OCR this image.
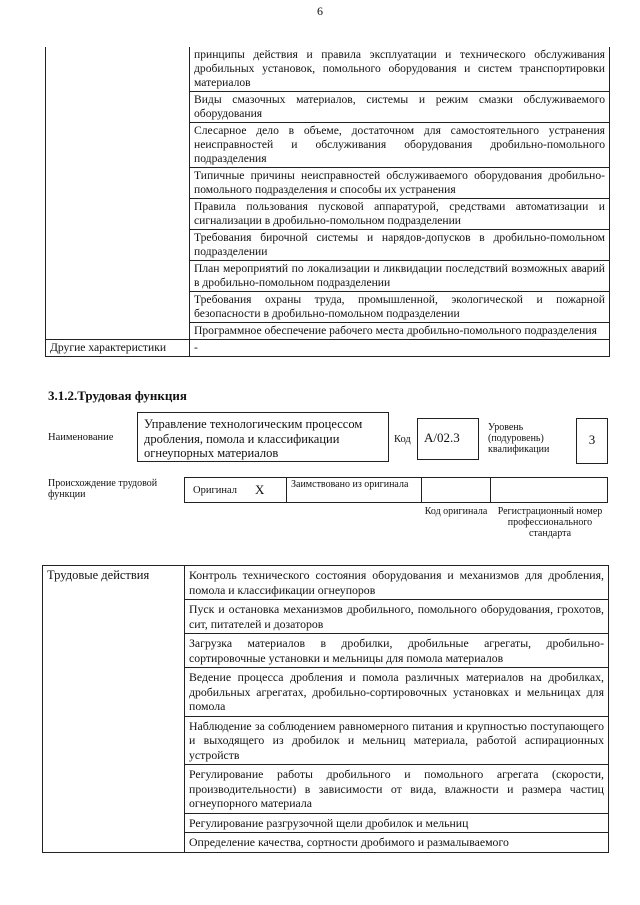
6
	принципы действия и правила эксплуатации и технического обслуживания дробильных установок, помольного оборудования и систем транспортировки материалов
	Виды смазочных материалов, системы и режим смазки обслуживаемого оборудования
	Слесарное дело в объеме, достаточном для самостоятельного устранения неисправностей и обслуживания оборудования дробильно-помольного подразделения
	Типичные причины неисправностей обслуживаемого оборудования дробильно-помольного подразделения и способы их устранения
	Правила пользования пусковой аппаратурой, средствами автоматизации и сигнализации в дробильно-помольном подразделении
	Требования бирочной системы и нарядов-допусков в дробильно-помольном подразделении
	План мероприятий по локализации и ликвидации последствий возможных аварий в дробильно-помольном подразделении
	Требования охраны труда, промышленной, экологической и пожарной безопасности в дробильно-помольном подразделении
	Программное обеспечение рабочего места дробильно-помольного подразделения
Другие характеристики	-
3.1.2.Трудовая функция
Наименование
Управление технологическим процессом дробления, помола и классификации огнеупорных материалов
Код	А/02.3
Уровень (подуровень) квалификации
3
Происхождение трудовой функции	Оригинал X	Заимствовано из оригинала
Код оригинала	Регистрационный номер профессионального стандарта
Трудовые действия	Контроль технического состояния оборудования и механизмов для дробления, помола и классификации огнеупоров
Пуск и остановка механизмов дробильного, помольного оборудования, грохотов, сит, питателей и дозаторов
Загрузка материалов в дробилки, дробильные агрегаты, дробильно-сортировочные установки и мельницы для помола материалов
Ведение процесса дробления и помола различных материалов на дробилках, дробильных агрегатах, дробильно-сортировочных установках и мельницах для помола
Наблюдение за соблюдением равномерного питания и крупностью поступающего и выходящего из дробилок и мельниц материала, работой аспирационных устройств
Регулирование работы дробильного и помольного агрегата (скорости, производительности) в зависимости от вида, влажности и размера частиц огнеупорного материала
Регулирование разгрузочной щели дробилок и мельниц
Определение качества, сортности дробимого и размалываемого
